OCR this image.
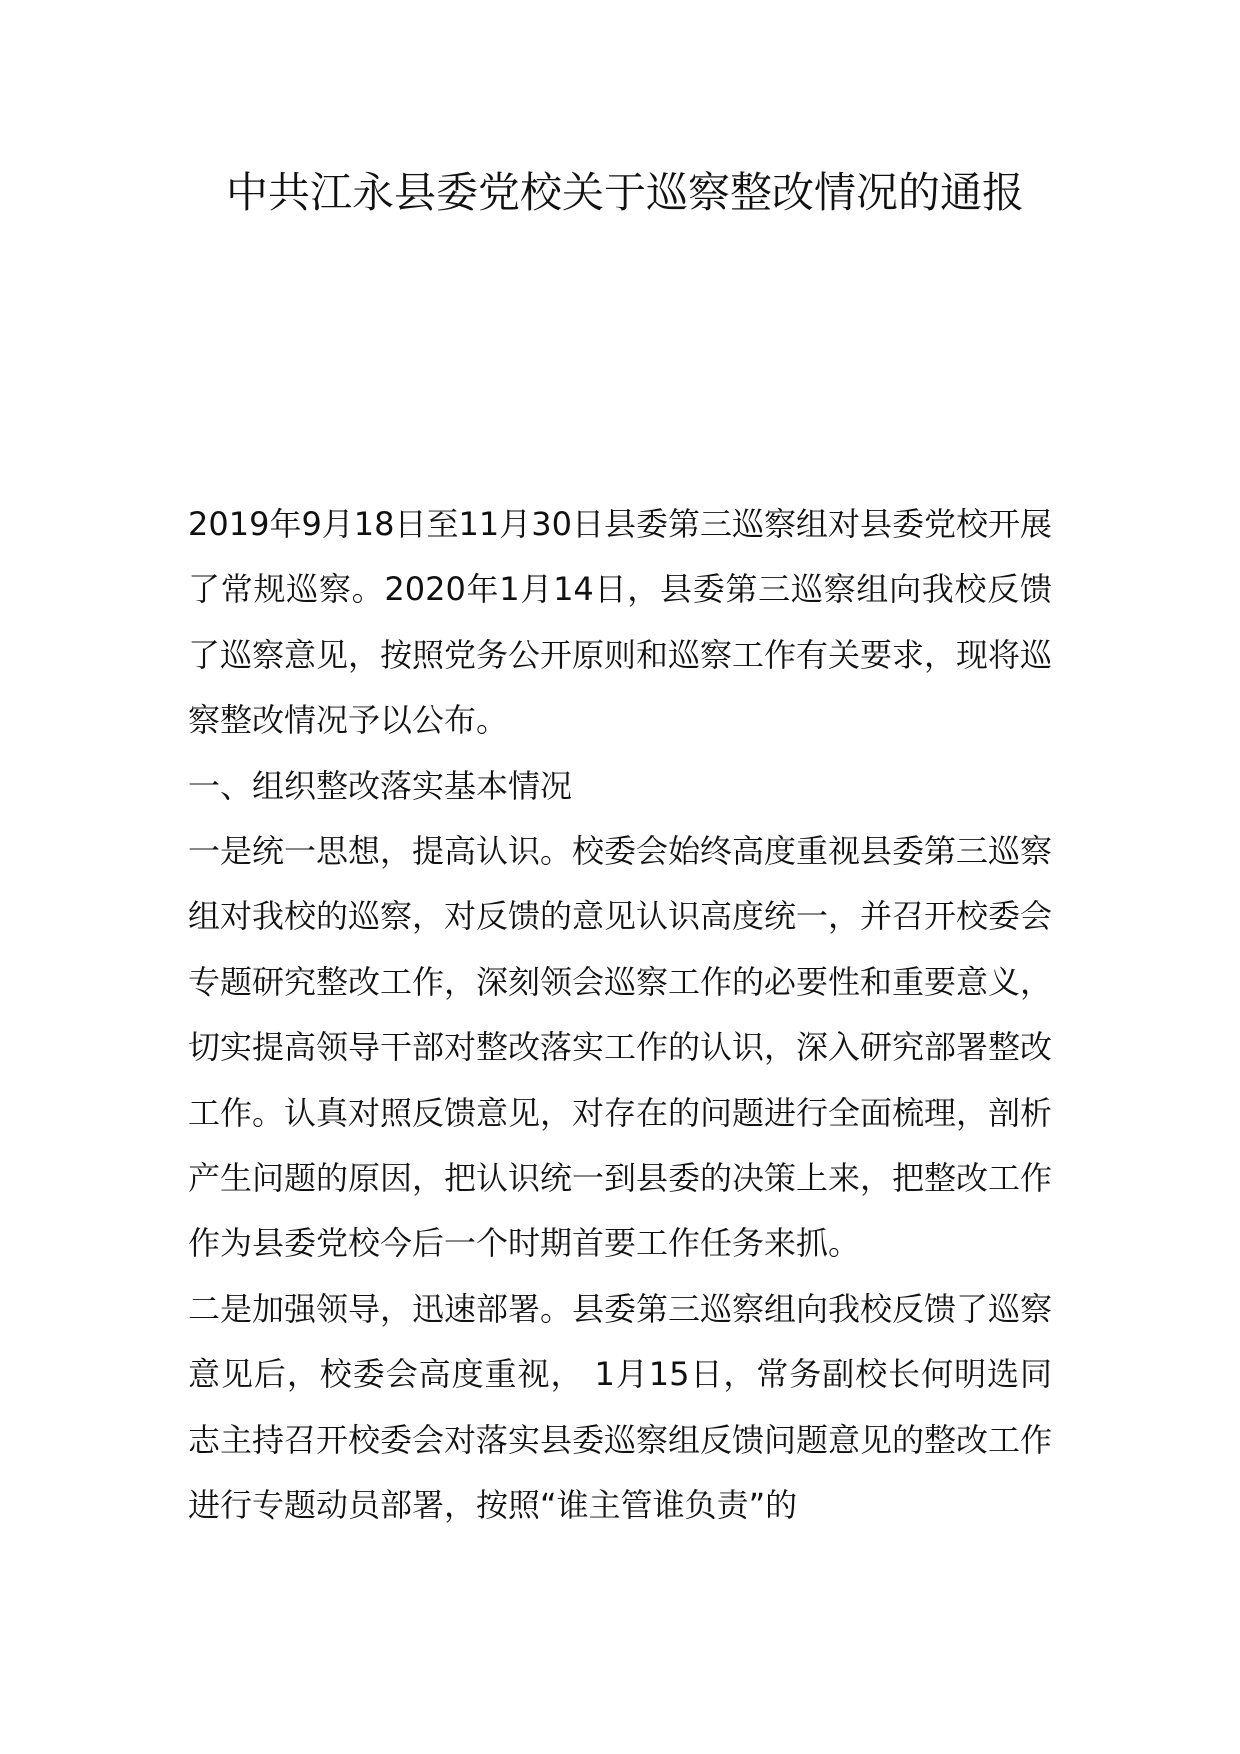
中共江永县委党校关于巡察整改情况的通报

2019年9月18日至11月30日县委第三巡察组对县委党校开展了常规巡察。2020年1月14日，县委第三巡察组向我校反馈了巡察意见，按照党务公开原则和巡察工作有关要求，现将巡察整改情况予以公布。

一、组织整改落实基本情况

一是统一思想，提高认识。校委会始终高度重视县委第三巡察组对我校的巡察，对反馈的意见认识高度统一，并召开校委会专题研究整改工作，深刻领会巡察工作的必要性和重要意义，切实提高领导干部对整改落实工作的认识，深入研究部署整改工作。认真对照反馈意见，对存在的问题进行全面梳理，剖析产生问题的原因，把认识统一到县委的决策上来，把整改工作作为县委党校今后一个时期首要工作任务来抓。

二是加强领导，迅速部署。县委第三巡察组向我校反馈了巡察意见后，校委会高度重视， 1月15日，常务副校长何明选同志主持召开校委会对落实县委巡察组反馈问题意见的整改工作进行专题动员部署，按照“谁主管谁负责”的
